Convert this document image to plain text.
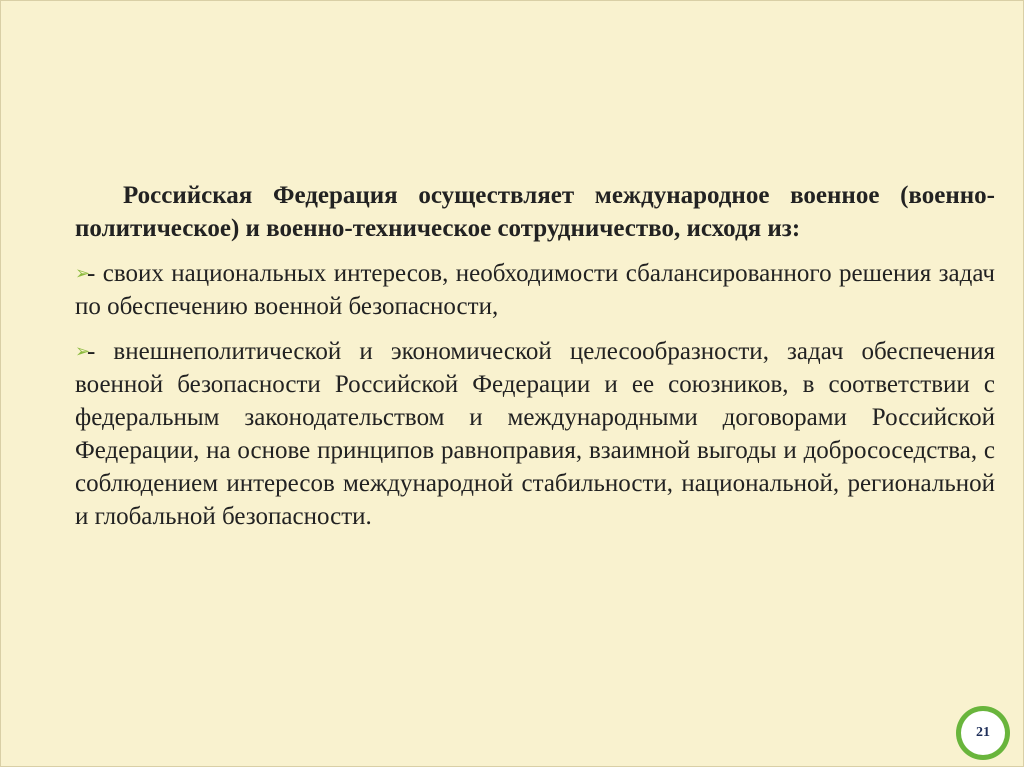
Российская Федерация осуществляет международное военное (военно-политическое) и военно-техническое сотрудничество, исходя из:

➢- своих национальных интересов, необходимости сбалансированного решения задач по обеспечению военной безопасности,

➢- внешнеполитической и экономической целесообразности, задач обеспечения военной безопасности Российской Федерации и ее союзников, в соответствии с федеральным законодательством и международными договорами Российской Федерации, на основе принципов равноправия, взаимной выгоды и добрососедства, с соблюдением интересов международной стабильности, национальной, региональной и глобальной безопасности.

21
